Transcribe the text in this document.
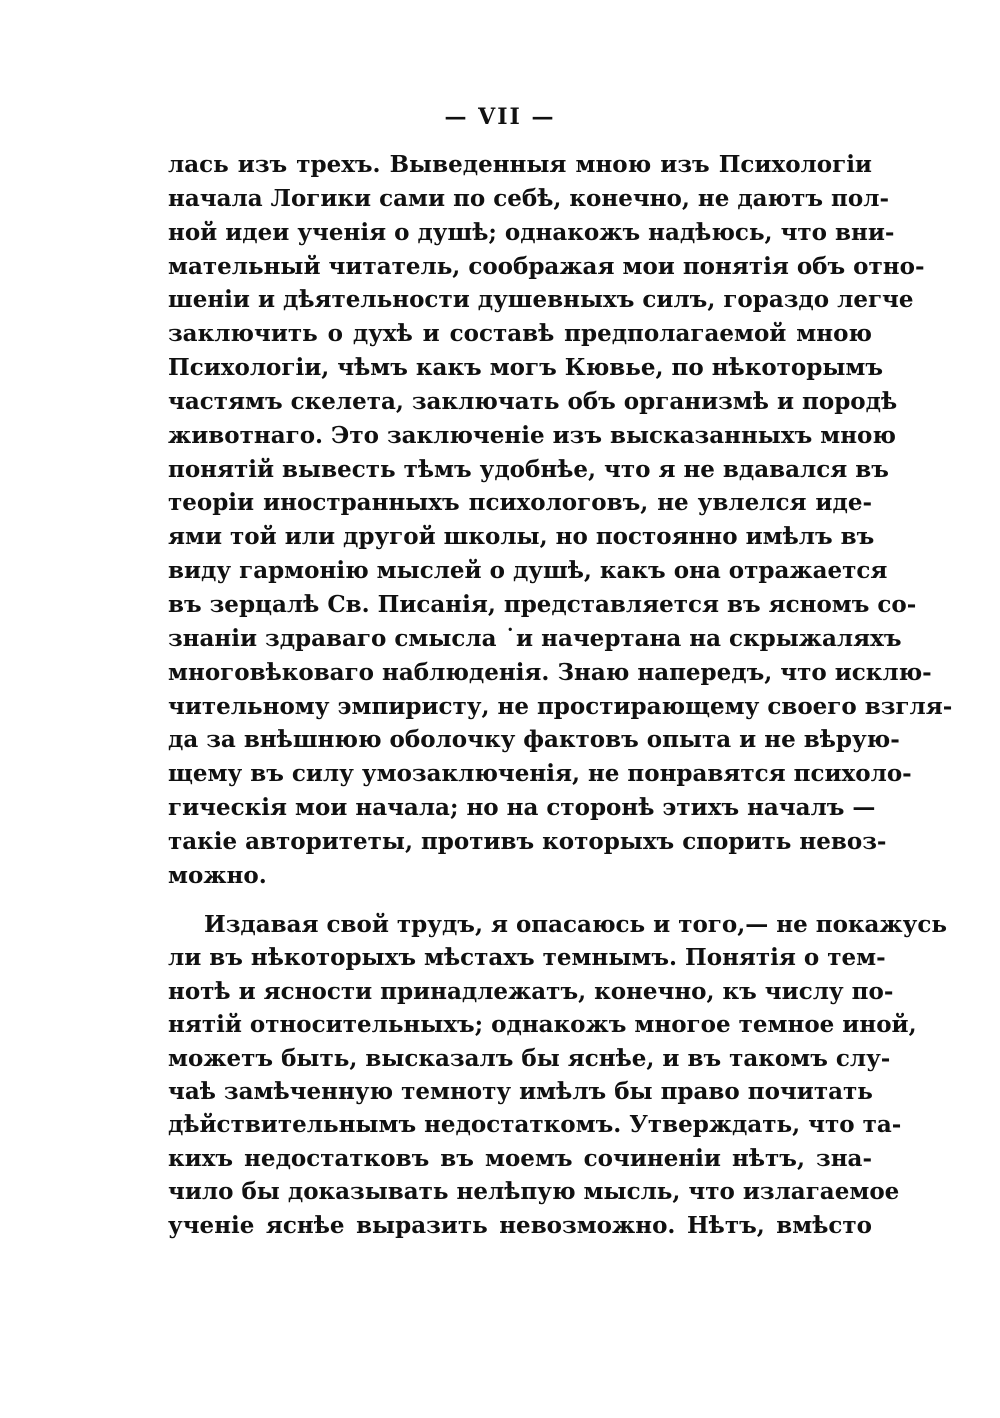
— VII —
лась изъ трехъ. Выведенныя мною изъ Психологіи
начала Логики сами по себѣ, конечно, не даютъ пол-
ной идеи ученія о душѣ; однакожъ надѣюсь, что вни-
мательный читатель, соображая мои понятія объ отно-
шеніи и дѣятельности душевныхъ силъ, гораздо легче
заключить о духѣ и составѣ предполагаемой мною
Психологіи, чѣмъ какъ могъ Кювье, по нѣкоторымъ
частямъ скелета, заключать объ организмѣ и породѣ
животнаго. Это заключеніе изъ высказанныхъ мною
понятій вывесть тѣмъ удобнѣе, что я не вдавался въ
теоріи иностранныхъ психологовъ, не увлелся иде-
ями той или другой школы, но постоянно имѣлъ въ
виду гармонію мыслей о душѣ, какъ она отражается
въ зерцалѣ Св. Писанія, представляется въ ясномъ со-
знаніи здраваго смысла ˙и начертана на скрыжаляхъ
многовѣковаго наблюденія. Знаю напередъ, что исклю-
чительному эмпиристу, не простирающему своего взгля-
да за внѣшнюю оболочку фактовъ опыта и не вѣрую-
щему въ силу умозаключенія, не понравятся психоло-
гическія мои начала; но на сторонѣ этихъ началъ —
такіе авторитеты, противъ которыхъ спорить невоз-
можно.
Издавая свой трудъ, я опасаюсь и того,— не покажусь
ли въ нѣкоторыхъ мѣстахъ темнымъ. Понятія о тем-
нотѣ и ясности принадлежатъ, конечно, къ числу по-
нятій относительныхъ; однакожъ многое темное иной,
можетъ быть, высказалъ бы яснѣе, и въ такомъ слу-
чаѣ замѣченную темноту имѣлъ бы право почитать
дѣйствительнымъ недостаткомъ. Утверждать, что та-
кихъ недостатковъ въ моемъ сочиненіи нѣтъ, зна-
чило бы доказывать нелѣпую мысль, что излагаемое
ученіе яснѣе выразить невозможно. Нѣтъ, вмѣсто
